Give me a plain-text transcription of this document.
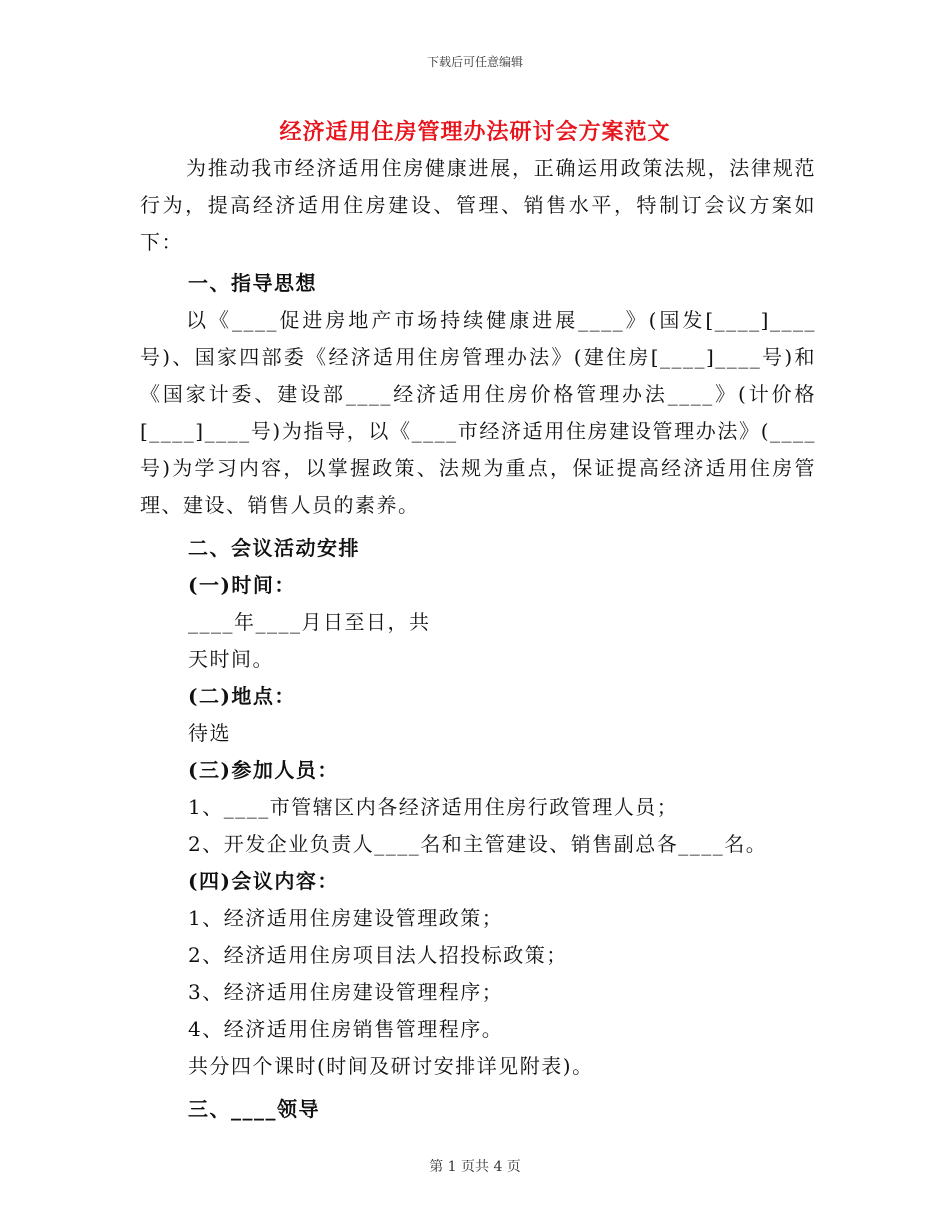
下载后可任意编辑
经济适用住房管理办法研讨会方案范文

为推动我市经济适用住房健康进展，正确运用政策法规，法律规范行为，提高经济适用住房建设、管理、销售水平，特制订会议方案如下：

一、指导思想

以《____促进房地产市场持续健康进展____》(国发[____]____号)、国家四部委《经济适用住房管理办法》(建住房[____]____号)和《国家计委、建设部____经济适用住房价格管理办法____》(计价格[____]____号)为指导，以《____市经济适用住房建设管理办法》(____号)为学习内容，以掌握政策、法规为重点，保证提高经济适用住房管理、建设、销售人员的素养。

二、会议活动安排

(一)时间：

____年____月日至日，共

天时间。

(二)地点：

待选

(三)参加人员：

1、____市管辖区内各经济适用住房行政管理人员；

2、开发企业负责人____名和主管建设、销售副总各____名。

(四)会议内容：

1、经济适用住房建设管理政策；

2、经济适用住房项目法人招投标政策；

3、经济适用住房建设管理程序；

4、经济适用住房销售管理程序。

共分四个课时(时间及研讨安排详见附表)。

三、____领导

第 1 页共 4 页
